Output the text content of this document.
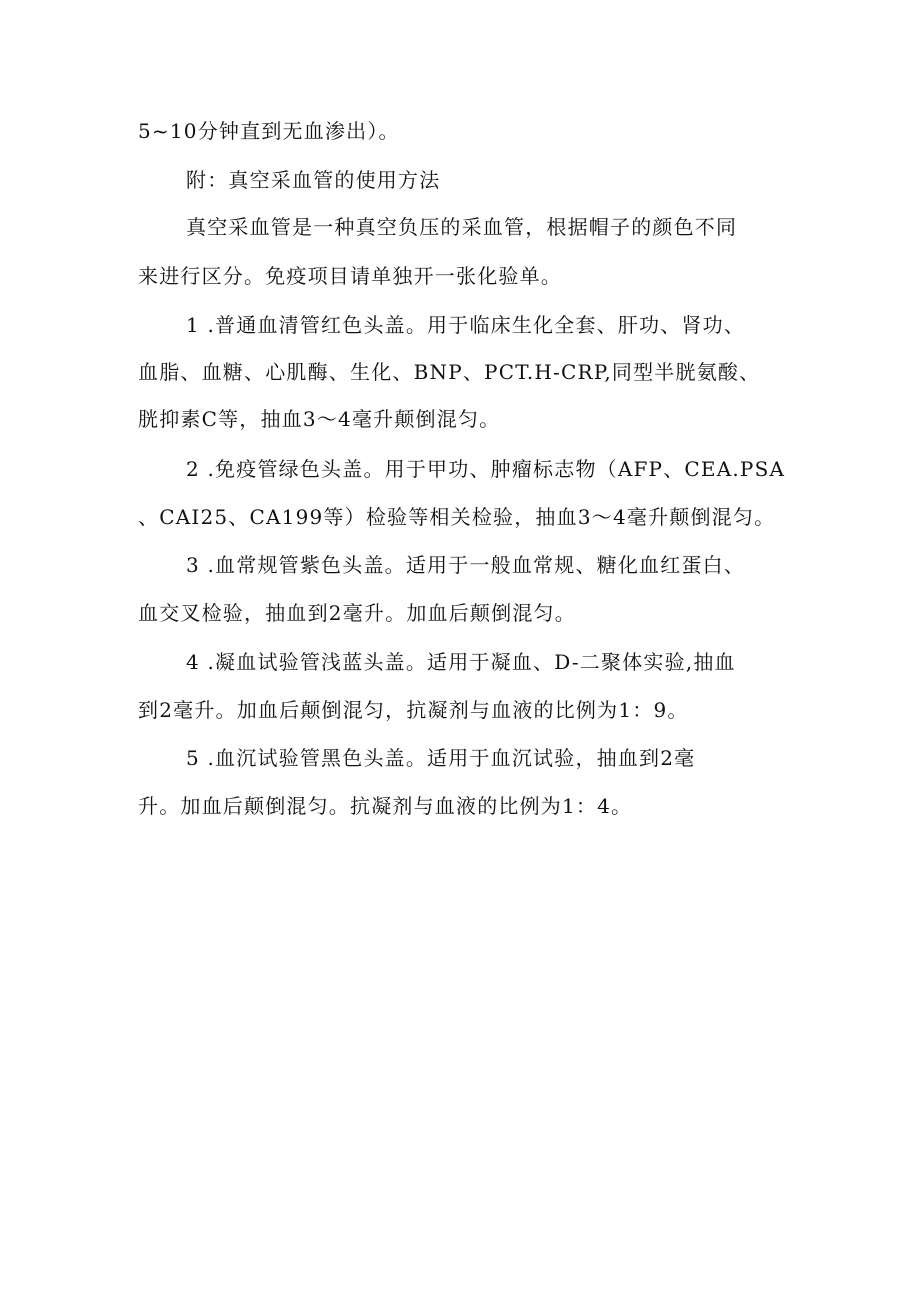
5~10分钟直到无血渗出）。
附：真空采血管的使用方法
真空采血管是一种真空负压的采血管，根据帽子的颜色不同
来进行区分。免疫项目请单独开一张化验单。
1 .普通血清管红色头盖。用于临床生化全套、肝功、肾功、
血脂、血糖、心肌酶、生化、BNP、PCT.H-CRP,同型半胱氨酸、
胱抑素C等，抽血3～4毫升颠倒混匀。
2 .免疫管绿色头盖。用于甲功、肿瘤标志物（AFP、CEA.PSA
、CAI25、CA199等）检验等相关检验，抽血3～4毫升颠倒混匀。
3 .血常规管紫色头盖。适用于一般血常规、糖化血红蛋白、
血交叉检验，抽血到2毫升。加血后颠倒混匀。
4 .凝血试验管浅蓝头盖。适用于凝血、D-二聚体实验,抽血
到2毫升。加血后颠倒混匀，抗凝剂与血液的比例为1：9。
5 .血沉试验管黑色头盖。适用于血沉试验，抽血到2毫
升。加血后颠倒混匀。抗凝剂与血液的比例为1：4。
